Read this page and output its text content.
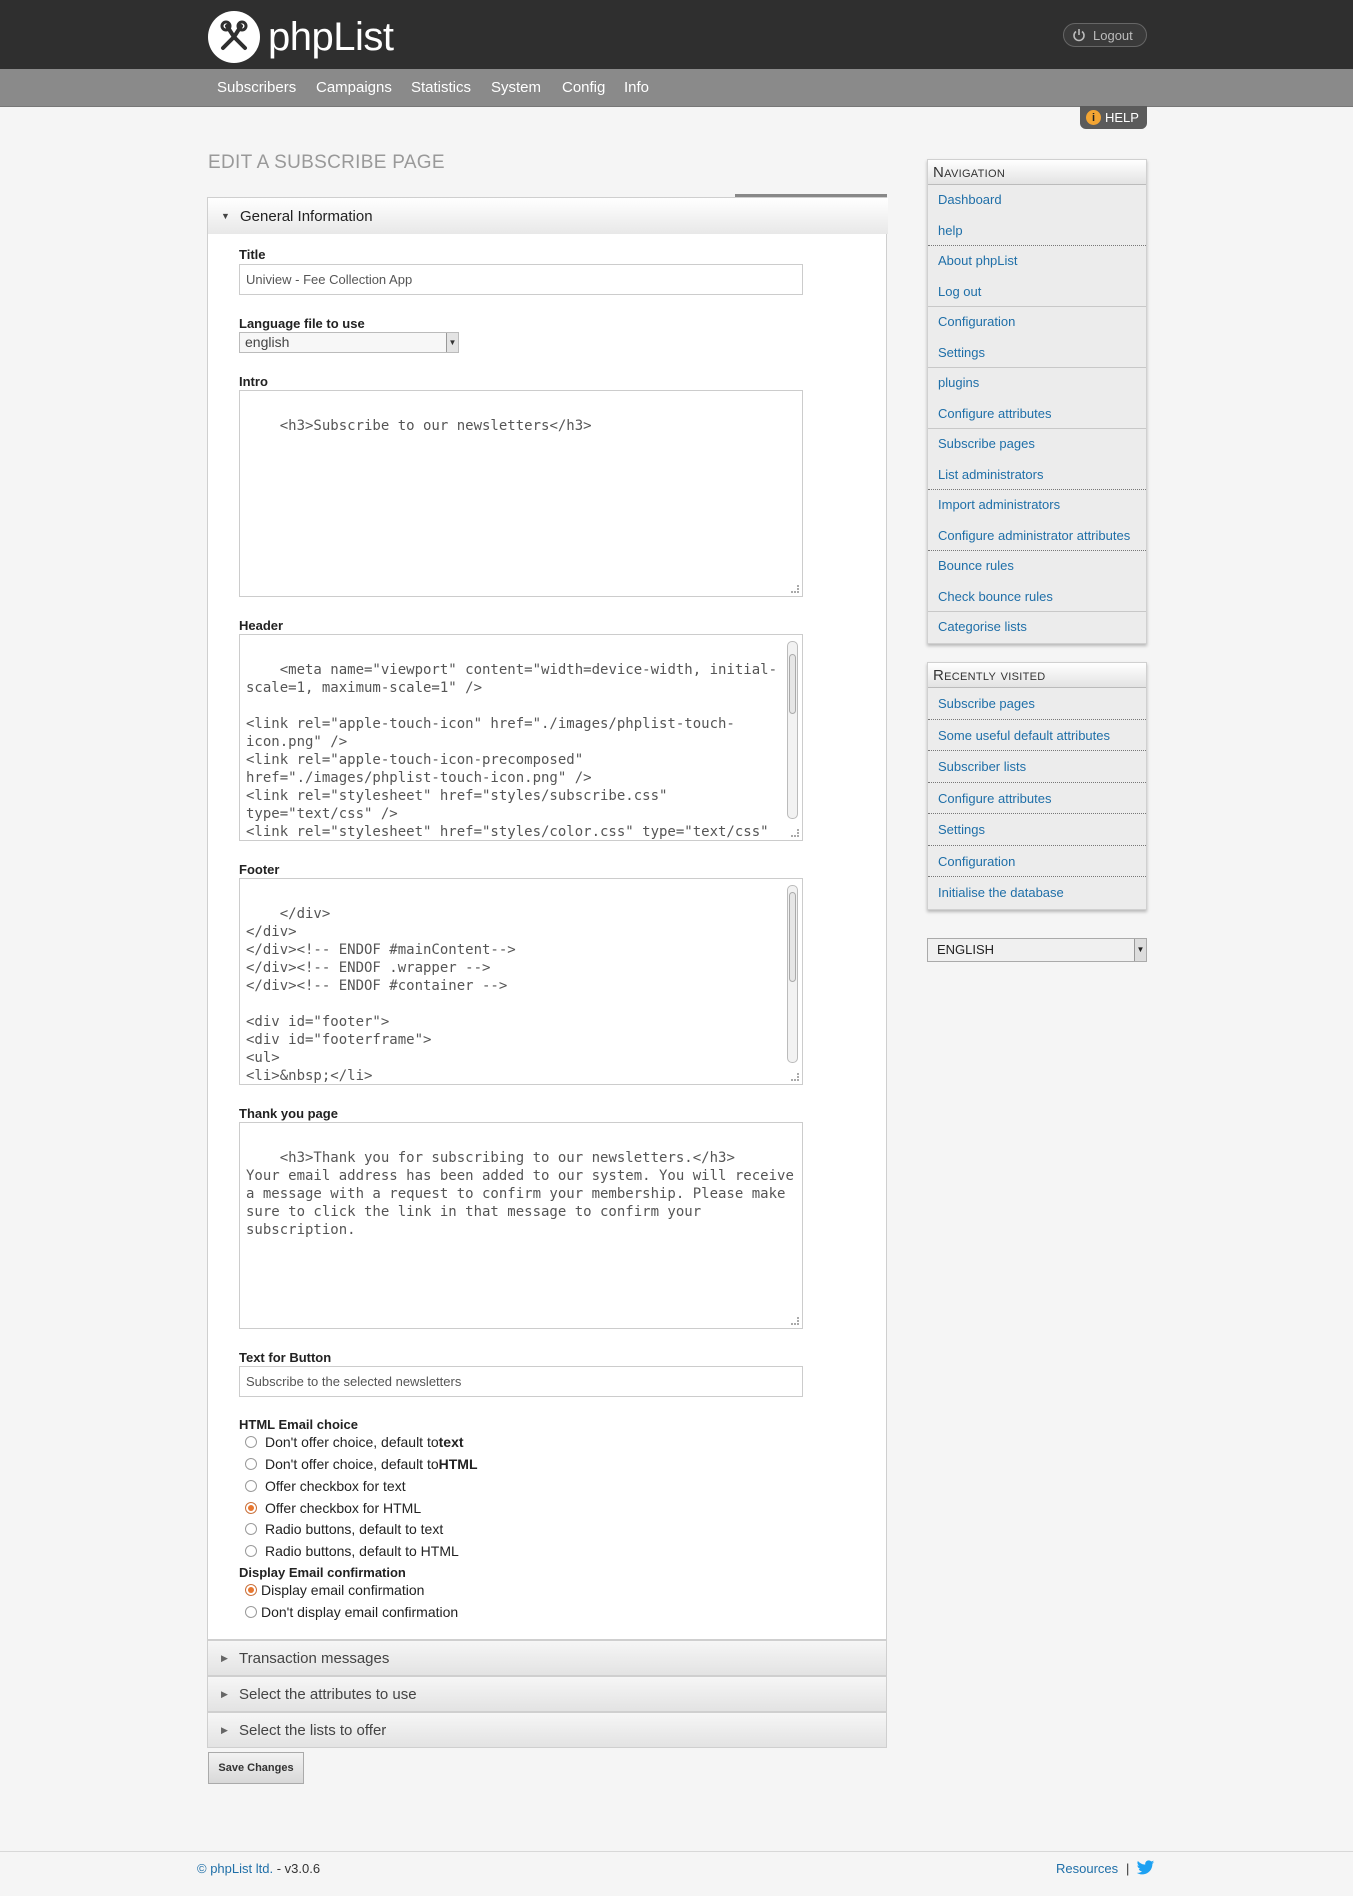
phpList	Logout
Subscribers Campaigns Statistics System Config Info
i HELP
EDIT A SUBSCRIBE PAGE
▼ General Information
Title
Uniview - Fee Collection App
Language file to use
english	▼
Intro

<h3>Subscribe to our newsletters</h3>

Header

<meta name="viewport" content="width=device-width, initial-scale=1, maximum-scale=1" />

<link rel="apple-touch-icon" href="./images/phplist-touch-icon.png" />
<link rel="apple-touch-icon-precomposed" href="./images/phplist-touch-icon.png" />
<link rel="stylesheet" href="styles/subscribe.css" type="text/css" />
<link rel="stylesheet" href="styles/color.css" type="text/css"

Footer

</div>
</div>
</div><!-- ENDOF #mainContent-->
</div><!-- ENDOF .wrapper -->
</div><!-- ENDOF #container -->

<div id="footer">
<div id="footerframe">
<ul>
<li>&nbsp;</li>

Thank you page

<h3>Thank you for subscribing to our newsletters.</h3>
Your email address has been added to our system. You will receive a message with a request to confirm your membership. Please make sure to click the link in that message to confirm your subscription.

Text for Button
Subscribe to the selected newsletters
HTML Email choice
Don't offer choice, default to text
Don't offer choice, default to HTML
Offer checkbox for text
Offer checkbox for HTML
Radio buttons, default to text
Radio buttons, default to HTML
Display Email confirmation
Display email confirmation
Don't display email confirmation
▶ Transaction messages
▶ Select the attributes to use
▶ Select the lists to offer
Save Changes
Navigation
Dashboard
help
About phpList
Log out
Configuration
Settings
plugins
Configure attributes
Subscribe pages
List administrators
Import administrators
Configure administrator attributes
Bounce rules
Check bounce rules
Categorise lists
Recently visited
Subscribe pages
Some useful default attributes
Subscriber lists
Configure attributes
Settings
Configuration
Initialise the database
ENGLISH	▼
© phpList ltd. - v3.0.6	Resources |
